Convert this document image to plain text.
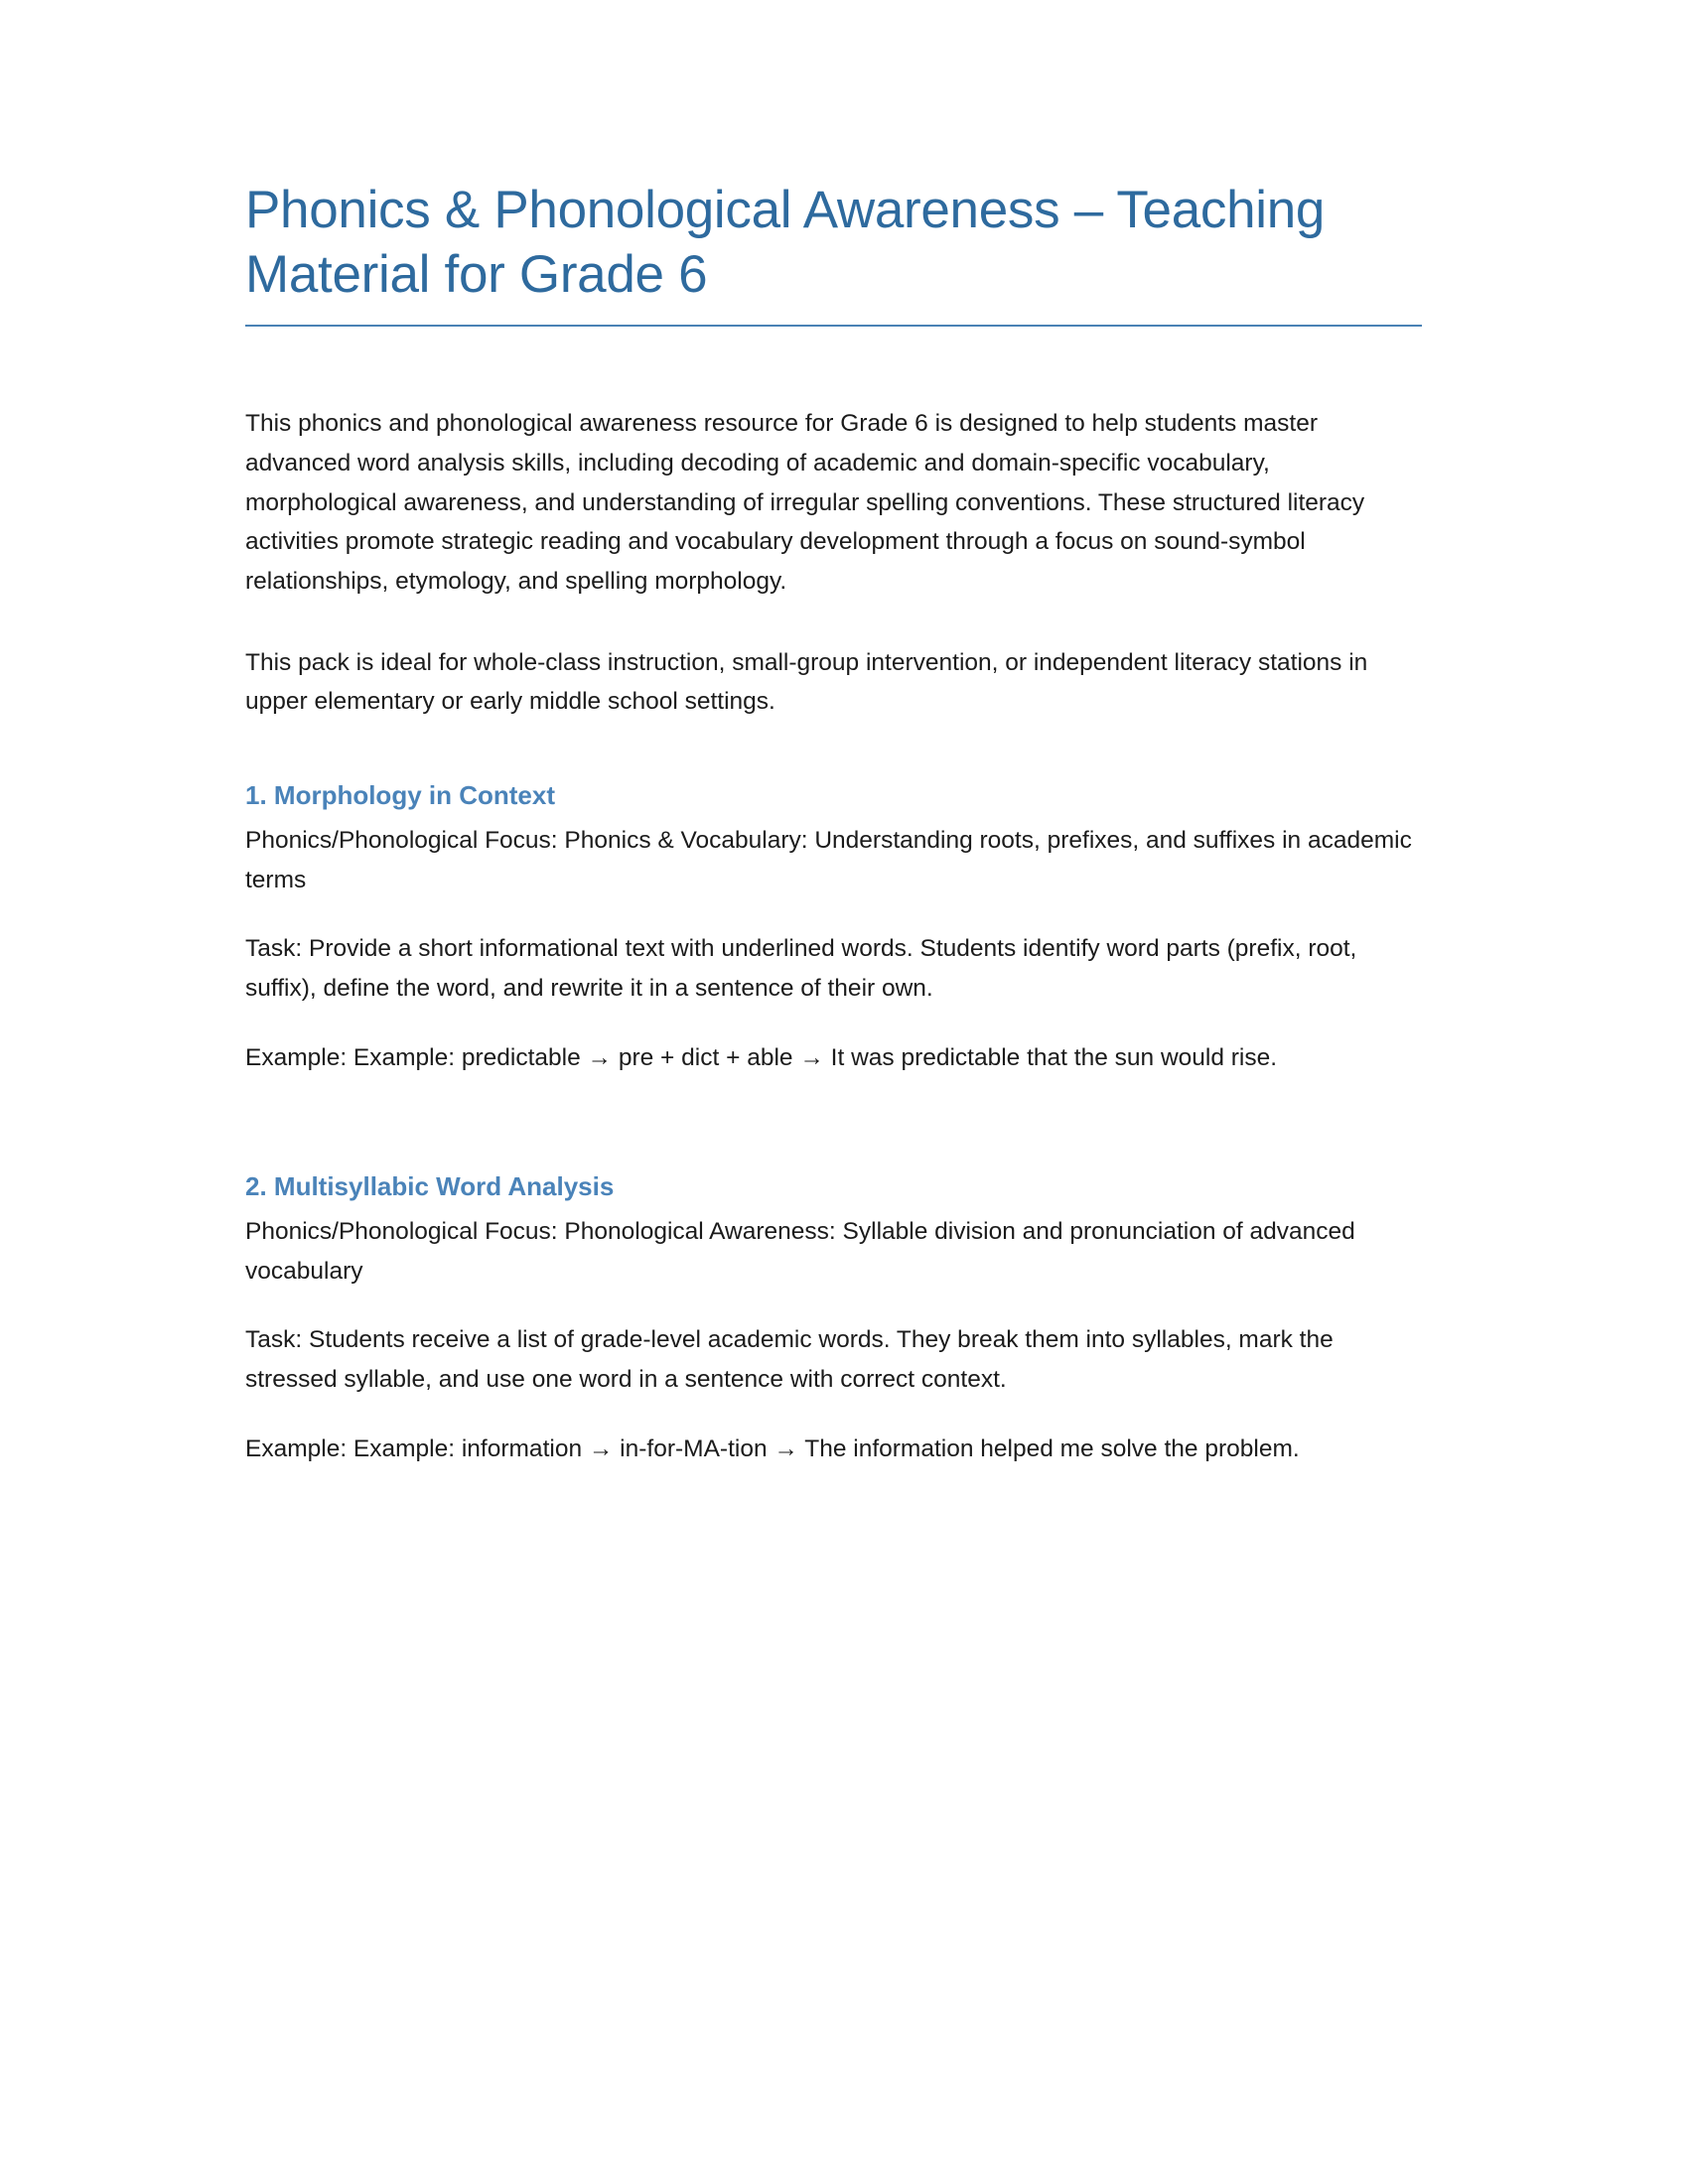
Phonics & Phonological Awareness – Teaching Material for Grade 6

This phonics and phonological awareness resource for Grade 6 is designed to help students master advanced word analysis skills, including decoding of academic and domain-specific vocabulary, morphological awareness, and understanding of irregular spelling conventions. These structured literacy activities promote strategic reading and vocabulary development through a focus on sound-symbol relationships, etymology, and spelling morphology.

This pack is ideal for whole-class instruction, small-group intervention, or independent literacy stations in upper elementary or early middle school settings.

1. Morphology in Context

Phonics/Phonological Focus: Phonics & Vocabulary: Understanding roots, prefixes, and suffixes in academic terms

Task: Provide a short informational text with underlined words. Students identify word parts (prefix, root, suffix), define the word, and rewrite it in a sentence of their own.

Example: Example: predictable → pre + dict + able → It was predictable that the sun would rise.

2. Multisyllabic Word Analysis

Phonics/Phonological Focus: Phonological Awareness: Syllable division and pronunciation of advanced vocabulary

Task: Students receive a list of grade-level academic words. They break them into syllables, mark the stressed syllable, and use one word in a sentence with correct context.

Example: Example: information → in-for-MA-tion → The information helped me solve the problem.
